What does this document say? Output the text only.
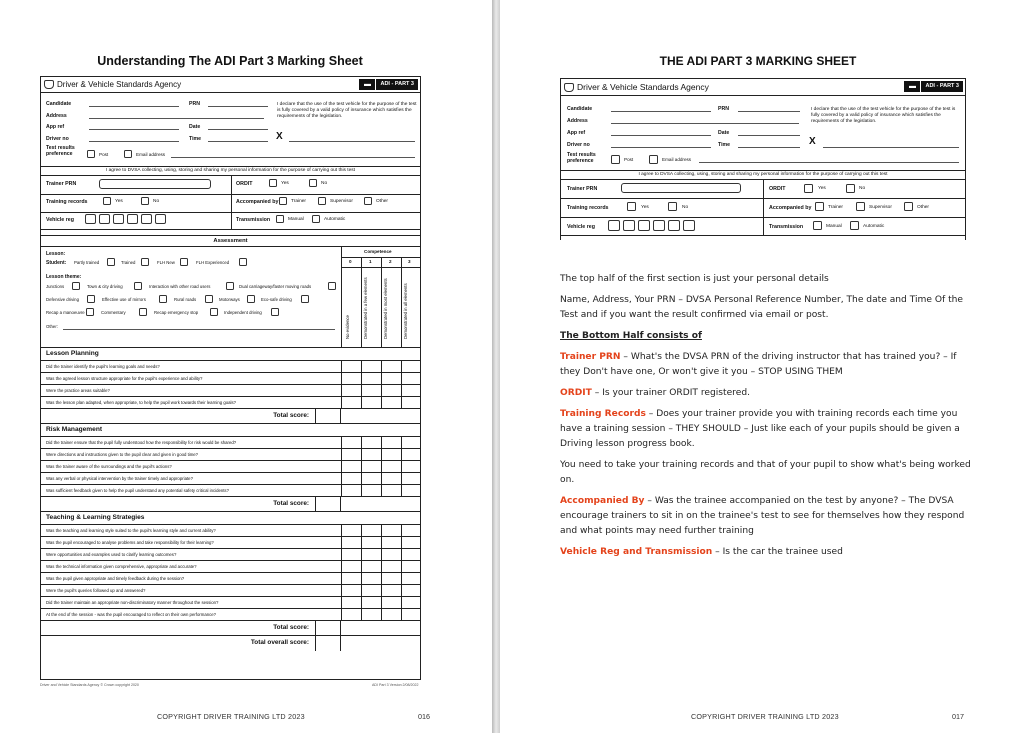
Understanding The ADI Part 3 Marking Sheet
Driver & Vehicle Standards Agency	▬	ADI - PART 3
Candidate	PRN	I declare that the use of the test vehicle for the purpose of the test is fully covered by a valid policy of insurance which satisfies the requirements of the legislation.
Address
App ref	Date
Driver no	Time	X
Test results preference	Post	Email address
I agree to DVSA collecting, using, storing and sharing my personal information for the purpose of carrying out this test
Trainer PRN	ORDIT	Yes	No
Training records	Yes	No	Accompanied by	Trainer	Supervisor	Other
Vehicle reg	Transmission	Manual	Automatic
Assessment
Competence
0	1	2	3
No evidence	Demonstrated in a few elements	Demonstrated in most elements	Demonstrated in all elements
Lesson:
Student: Partly trained	Trained	FLH New	FLH Experienced
Lesson theme:
Junctions	Town & city driving	Interaction with other road users	Dual carriageway/faster moving roads
Defensive driving	Effective use of mirrors	Rural roads	Motorways	Eco-safe driving
Recap a manoeuvre	Commentary	Recap emergency stop	Independent driving
Other:
Lesson Planning
Did the trainer identify the pupil's learning goals and needs?
Was the agreed lesson structure appropriate for the pupil's experience and ability?
Were the practice areas suitable?
Was the lesson plan adapted, when appropriate, to help the pupil work towards their learning goals?
Total score:
Risk Management
Did the trainer ensure that the pupil fully understood how the responsibility for risk would be shared?
Were directions and instructions given to the pupil clear and given in good time?
Was the trainer aware of the surroundings and the pupil's actions?
Was any verbal or physical intervention by the trainer timely and appropriate?
Was sufficient feedback given to help the pupil understand any potential safety critical incidents?
Total score:
Teaching & Learning Strategies
Was the teaching and learning style suited to the pupil's learning style and current ability?
Was the pupil encouraged to analyse problems and take responsibility for their learning?
Were opportunities and examples used to clarify learning outcomes?
Was the technical information given comprehensive, appropriate and accurate?
Was the pupil given appropriate and timely feedback during the session?
Were the pupil's queries followed up and answered?
Did the trainer maintain an appropriate non-discriminatory manner throughout the session?
At the end of the session - was the pupil encouraged to reflect on their own performance?
Total score:
Total overall score:
Driver and Vehicle Standards Agency © Crown copyright 2020	ADI Part 3 Version 2/08/2022
COPYRIGHT DRIVER TRAINING LTD 2023	016
THE ADI PART 3 MARKING SHEET
Driver & Vehicle Standards Agency	▬	ADI - PART 3
Candidate	PRN	I declare that the use of the test vehicle for the purpose of the test is fully covered by a valid policy of insurance which satisfies the requirements of the legislation.
Address
App ref	Date
Driver no	Time	X
Test results preference	Post	Email address
I agree to DVSA collecting, using, storing and sharing my personal information for the purpose of carrying out this test
Trainer PRN	ORDIT	Yes	No
Training records	Yes	No	Accompanied by	Trainer	Supervisor	Other
Vehicle reg	Transmission	Manual	Automatic

The top half of the first section is just your personal details

Name, Address, Your PRN – DVSA Personal Reference Number, The date and Time Of the Test and if you want the result confirmed via email or post.

The Bottom Half consists of

Trainer PRN – What's the DVSA PRN of the driving instructor that has trained you? – If they Don't have one, Or won't give it you – STOP USING THEM

ORDIT – Is your trainer ORDIT registered.

Training Records – Does your trainer provide you with training records each time you have a training session – THEY SHOULD – Just like each of your pupils should be given a Driving lesson progress book.

You need to take your training records and that of your pupil to show what's being worked on.

Accompanied By – Was the trainee accompanied on the test by anyone? – The DVSA encourage trainers to sit in on the trainee's test to see for themselves how they respond and what points may need further training

Vehicle Reg and Transmission – Is the car the trainee used

COPYRIGHT DRIVER TRAINING LTD 2023	017
